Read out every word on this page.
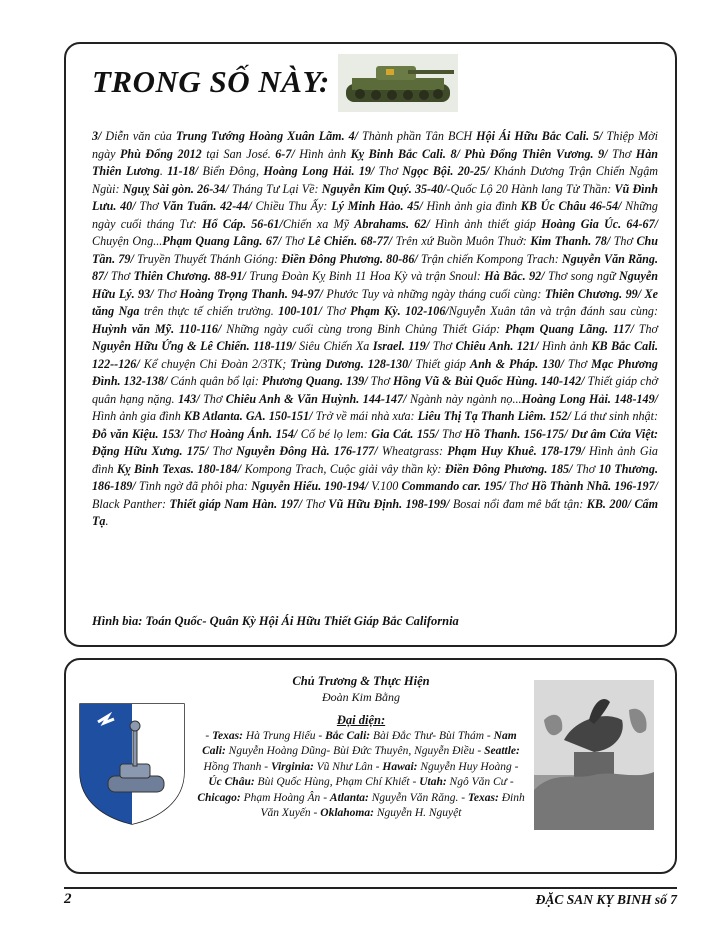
TRONG SỐ NÀY:
3/ Diễn văn của Trung Tướng Hoàng Xuân Lãm. 4/ Thành phần Tân BCH Hội Ái Hữu Bắc Cali. 5/ Thiệp Mời ngày Phù Đổng 2012 tại San José. 6-7/ Hình ảnh Kỵ Binh Bắc Cali. 8/ Phù Đổng Thiên Vương. 9/ Thơ Hàn Thiên Lương. 11-18/ Biển Đông, Hoàng Long Hải. 19/ Thơ Ngọc Bội. 20-25/ Khánh Dương Trận Chiến Ngậm Ngùi: Nguỵ Sài gòn. 26-34/ Tháng Tư Lại Về: Nguyễn Kim Quý. 35-40/-Quốc Lộ 20 Hành lang Tử Thần: Vũ Đình Lưu. 40/ Thơ Văn Tuấn. 42-44/ Chiều Thu Ấy: Lý Minh Hảo. 45/ Hình ảnh gia đình KB Úc Châu 46-54/ Những ngày cuối tháng Tư: Hổ Cáp. 56-61/Chiến xa Mỹ Abrahams. 62/ Hình ảnh thiết giáp Hoàng Gia Úc. 64-67/ Chuyện Ong...Phạm Quang Lãng. 67/ Thơ Lê Chiến. 68-77/ Trên xứ Buồn Muôn Thuở: Kim Thanh. 78/ Thơ Chu Tần. 79/ Truyền Thuyết Thánh Gióng: Điền Đông Phương. 80-86/ Trận chiến Kompong Trach: Nguyễn Văn Răng. 87/ Thơ Thiên Chương. 88-91/ Trung Đoàn Kỵ Binh 11 Hoa Kỳ và trận Snoul: Hà Bắc. 92/ Thơ song ngữ Nguyễn Hữu Lý. 93/ Thơ Hoàng Trọng Thanh. 94-97/ Phước Tuy và những ngày tháng cuối cùng: Thiên Chương. 99/ Xe tăng Nga trên thực tế chiến trường. 100-101/ Thơ Phạm Kỳ. 102-106/Nguyễn Xuân tân và trận đánh sau cùng: Huỳnh văn Mỹ. 110-116/ Những ngày cuối cùng trong Binh Chủng Thiết Giáp: Phạm Quang Lãng. 117/ Thơ Nguyễn Hữu Ứng & Lê Chiến. 118-119/ Siêu Chiến Xa Israel. 119/ Thơ Chiêu Anh. 121/ Hình ảnh KB Bắc Cali. 122--126/ Kể chuyện Chi Đoàn 2/3TK; Trùng Dương. 128-130/ Thiết giáp Anh & Pháp. 130/ Thơ Mạc Phương Đình. 132-138/ Cánh quân bổ lại: Phương Quang. 139/ Thơ Hồng Vũ & Bùi Quốc Hùng. 140-142/ Thiết giáp chở quân hạng nặng. 143/ Thơ Chiêu Anh & Văn Huỳnh. 144-147/ Ngành này ngành nọ...Hoàng Long Hải. 148-149/ Hình ảnh gia đình KB Atlanta. GA. 150-151/ Trở về mái nhà xưa: Liêu Thị Tạ Thanh Liêm. 152/ Lá thư sinh nhật: Đỗ văn Kiệu. 153/ Thơ Hoàng Ánh. 154/ Cố bé lọ lem: Gia Cát. 155/ Thơ Hồ Thanh. 156-175/ Dư âm Cửa Việt: Đặng Hữu Xưng. 175/ Thơ Nguyễn Đông Hà. 176-177/ Wheatgrass: Phạm Huy Khuê. 178-179/ Hình ảnh Gia đình Kỵ Binh Texas. 180-184/ Kompong Trach, Cuộc giải vây thần kỳ: Điền Đông Phương. 185/ Thơ 10 Thương. 186-189/ Tình ngờ đã phôi pha: Nguyễn Hiếu. 190-194/ V.100 Commando car. 195/ Thơ Hồ Thành Nhã. 196-197/ Black Panther: Thiết giáp Nam Hàn. 197/ Thơ Vũ Hữu Định. 198-199/ Bosai nổi đam mê bất tận: KB. 200/ Cẩm Tạ.
Hình bìa: Toán Quốc- Quân Kỳ Hội Ái Hữu Thiết Giáp Bắc California
Chủ Trương & Thực Hiện
Đoàn Kim Bằng
Đại diện:
- Texas: Hà Trung Hiếu - Bắc Cali: Bài Đắc Thư- Bùi Thám - Nam Cali: Nguyễn Hoàng Dũng- Bùi Đức Thuyên, Nguyễn Điều - Seattle: Hồng Thanh - Virginia: Vũ Như Lân - Hawai: Nguyễn Huy Hoàng - Úc Châu: Bùi Quốc Hùng, Phạm Chí Khiết - Utah: Ngô Văn Cư - Chicago: Phạm Hoàng Ân - Atlanta: Nguyễn Văn Răng. - Texas: Đinh Văn Xuyến - Oklahoma: Nguyễn H. Nguyệt
2	ĐẶC SAN KỴ BINH số 7
